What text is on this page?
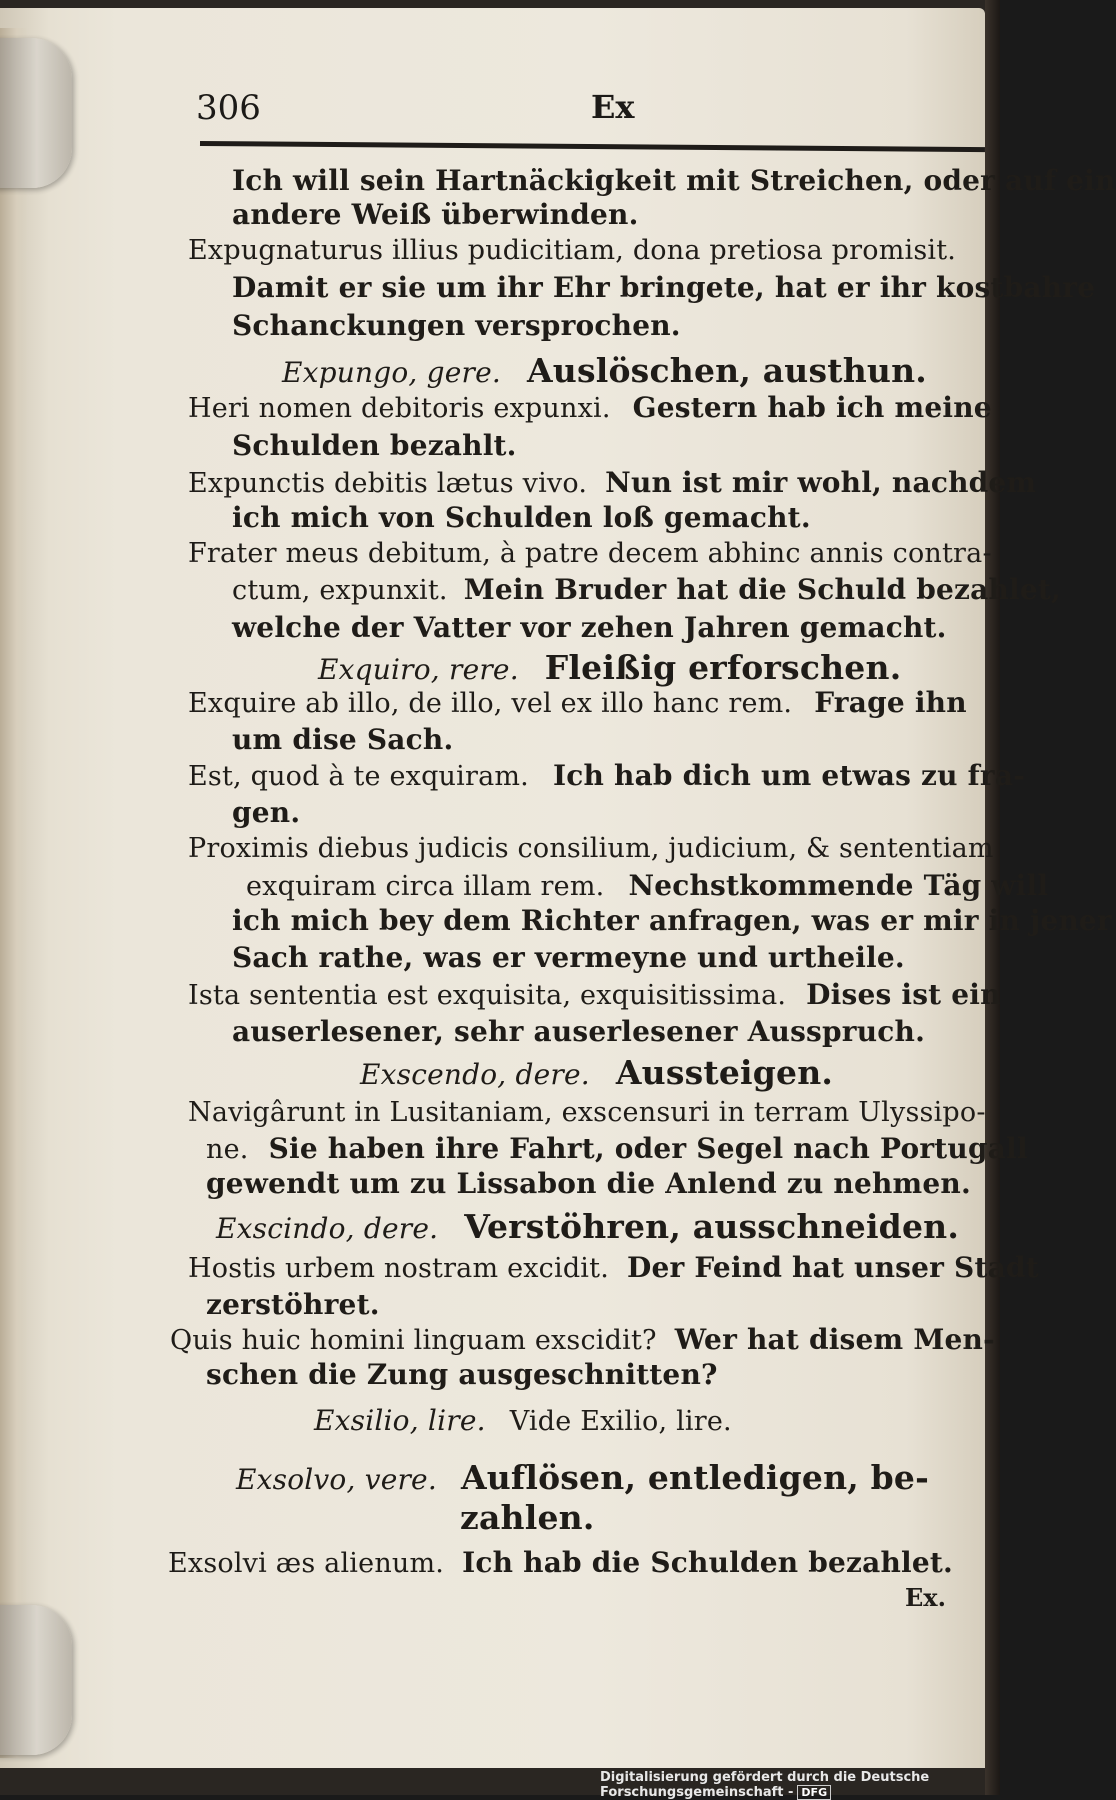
306	Ex
Ich will sein Hartnäckigkeit mit Streichen, oder auf ein
andere Weiß überwinden.
Expugnaturus illius pudicitiam, dona pretiosa promisit.
Damit er sie um ihr Ehr bringete, hat er ihr kostbahre
Schanckungen versprochen.
Expungo, gere. Auslöschen, austhun.
Heri nomen debitoris expunxi. Gestern hab ich meine
Schulden bezahlt.
Expunctis debitis lætus vivo. Nun ist mir wohl, nachdem
ich mich von Schulden loß gemacht.
Frater meus debitum, à patre decem abhinc annis contra-
ctum, expunxit. Mein Bruder hat die Schuld bezahlet,
welche der Vatter vor zehen Jahren gemacht.
Exquiro, rere. Fleißig erforschen.
Exquire ab illo, de illo, vel ex illo hanc rem. Frage ihn
um dise Sach.
Est, quod à te exquiram. Ich hab dich um etwas zu fra-
gen.
Proximis diebus judicis consilium, judicium, & sententiam
exquiram circa illam rem. Nechstkommende Täg will
ich mich bey dem Richter anfragen, was er mir in jener
Sach rathe, was er vermeyne und urtheile.
Ista sententia est exquisita, exquisitissima. Dises ist ein
auserlesener, sehr auserlesener Ausspruch.
Exscendo, dere. Aussteigen.
Navigârunt in Lusitaniam, exscensuri in terram Ulyssipo-
ne. Sie haben ihre Fahrt, oder Segel nach Portugall
gewendt um zu Lissabon die Anlend zu nehmen.
Exscindo, dere. Verstöhren, ausschneiden.
Hostis urbem nostram excidit. Der Feind hat unser Stadt
zerstöhret.
Quis huic homini linguam exscidit? Wer hat disem Men-
schen die Zung ausgeschnitten?
Exsilio, lire. Vide Exilio, lire.
Exsolvo, vere. Auflösen, entledigen, be-
zahlen.
Exsolvi æs alienum. Ich hab die Schulden bezahlet.
Ex.
Digitalisierung gefördert durch die Deutsche Forschungsgemeinschaft - DFG
